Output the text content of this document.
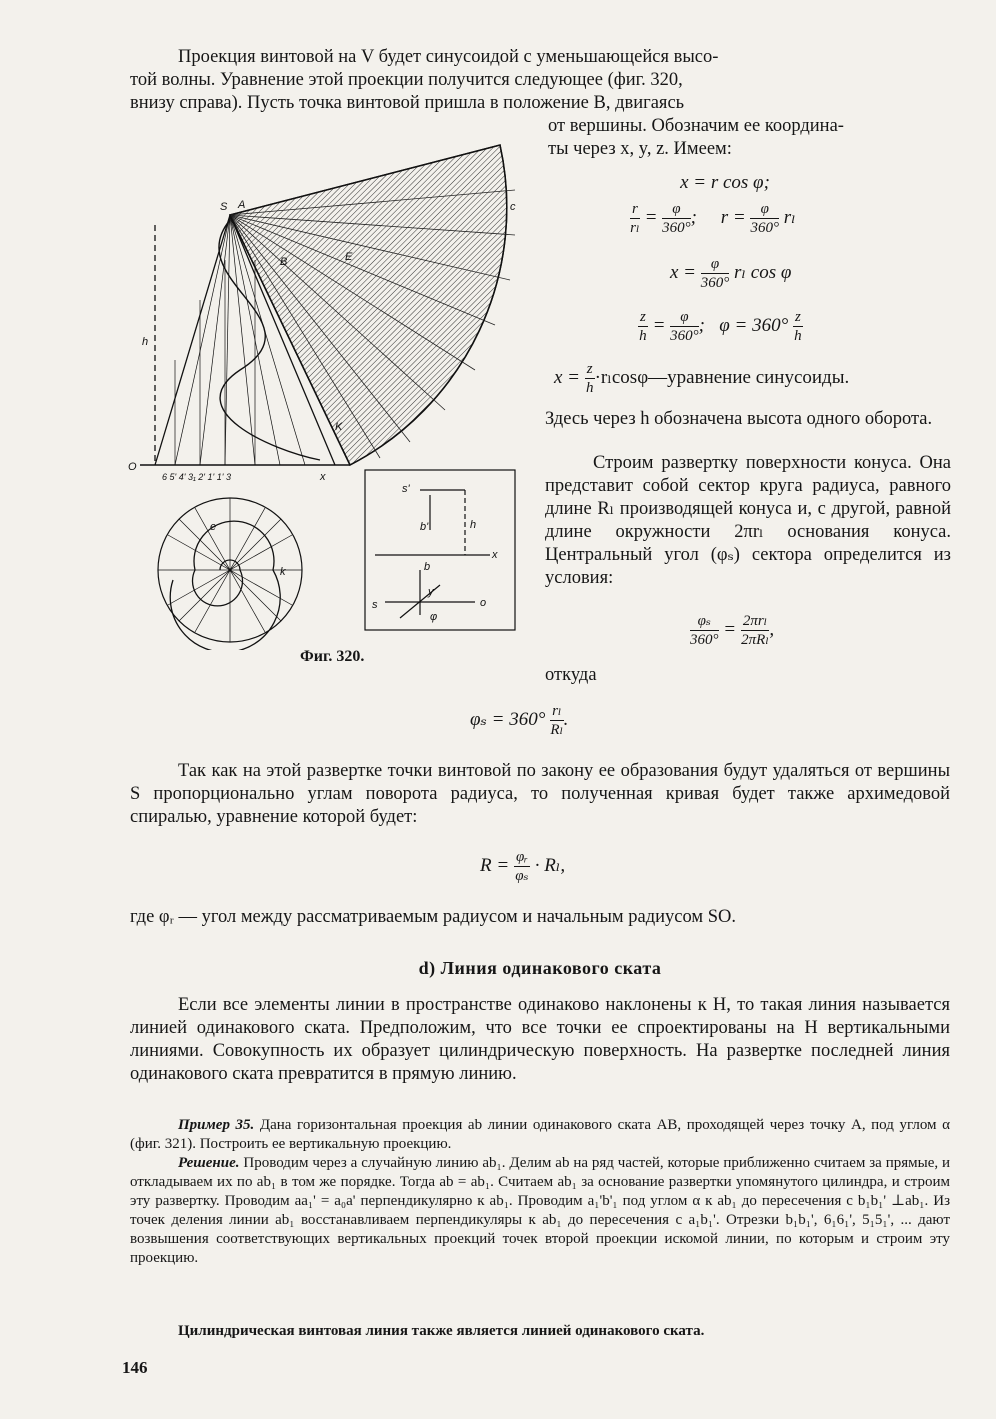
Проекция винтовой на V будет синусоидой с уменьшающейся высо-
той волны. Уравнение этой проекции получится следующее (фиг. 320,
внизу справа). Пусть точка винтовой пришла в положение B, двигаясь
от вершины. Обозначим ее координа-
ты через x, y, z. Имеем:
x = r cos φ;
$\frac{r}{\text{rₗ}} = \frac{\varphi}{360^\circ}$ ;     $r = \frac{\varphi}{360^\circ}$ rₗ
$x = \frac{\varphi}{360^\circ}$ rₗ cos φ
$\frac{z}{h} = \frac{\varphi}{360^\circ}$ ;   $\varphi = 360^\circ \frac{z}{h}$
$x = \frac{z}{h}$ ·rₗcosφ—уравнение синусоиды.
Здесь через h обозначена высота одного оборота.
Строим развертку поверхности конуса. Она представит собой сектор круга радиуса, равного длине Rₗ производящей конуса и, с другой, равной длине окружности 2πrₗ основания конуса. Центральный угол (φₛ) сектора определится из условия:
$\frac{\text{φₛ}}{360^\circ} = \frac{\text{2πrₗ}}{\text{2πRₗ}}$ ,
откуда
$\varphi_s = 360^\circ \frac{\text{rₗ}}{\text{Rₗ}}$ .
Фиг. 320.
S A
B	E
K
h
O
c
e
k
s	o
x
6 5' 4' 3₁ 2' 1' 1' 3
s'
b'	h
b
y
φ
x
Так как на этой развертке точки винтовой по закону ее образования будут удаляться от вершины S пропорционально углам поворота радиуса, то полученная кривая будет также архимедовой спиралью, уравнение которой будет:
$R = \frac{\text{φᵣ}}{\text{φₛ}} \cdot R_l$,
где φᵣ — угол между рассматриваемым радиусом и начальным радиусом SO.
d) Линия одинакового ската
Если все элементы линии в пространстве одинаково наклонены к H, то такая линия называется линией одинакового ската. Предположим, что все точки ее спроектированы на H вертикальными линиями. Совокупность их образует цилиндрическую поверхность. На развертке последней линия одинакового ската превратится в прямую линию.
Пример 35. Дана горизонтальная проекция ab линии одинакового ската AB, проходящей через точку A, под углом α (фиг. 321). Построить ее вертикальную проекцию.
Решение. Проводим через a случайную линию ab₁. Делим ab на ряд частей, которые приближенно считаем за прямые, и откладываем их по ab₁ в том же порядке. Тогда ab = ab₁. Считаем ab₁ за основание развертки упомянутого цилиндра, и строим эту развертку. Проводим aa₁' = a₀a' перпендикулярно к ab₁. Проводим a₁'b'₁ под углом α к ab₁ до пересечения с b₁b₁' ⊥ab₁. Из точек деления линии ab₁ восстанавливаем перпендикуляры к ab₁ до пересечения с a₁b₁'. Отрезки b₁b₁', 6₁6₁', 5₁5₁', ... дают возвышения соответствующих вертикальных проекций точек второй проекции искомой линии, по которым и строим эту проекцию.
Цилиндрическая винтовая линия также является линией одинакового ската.
146
